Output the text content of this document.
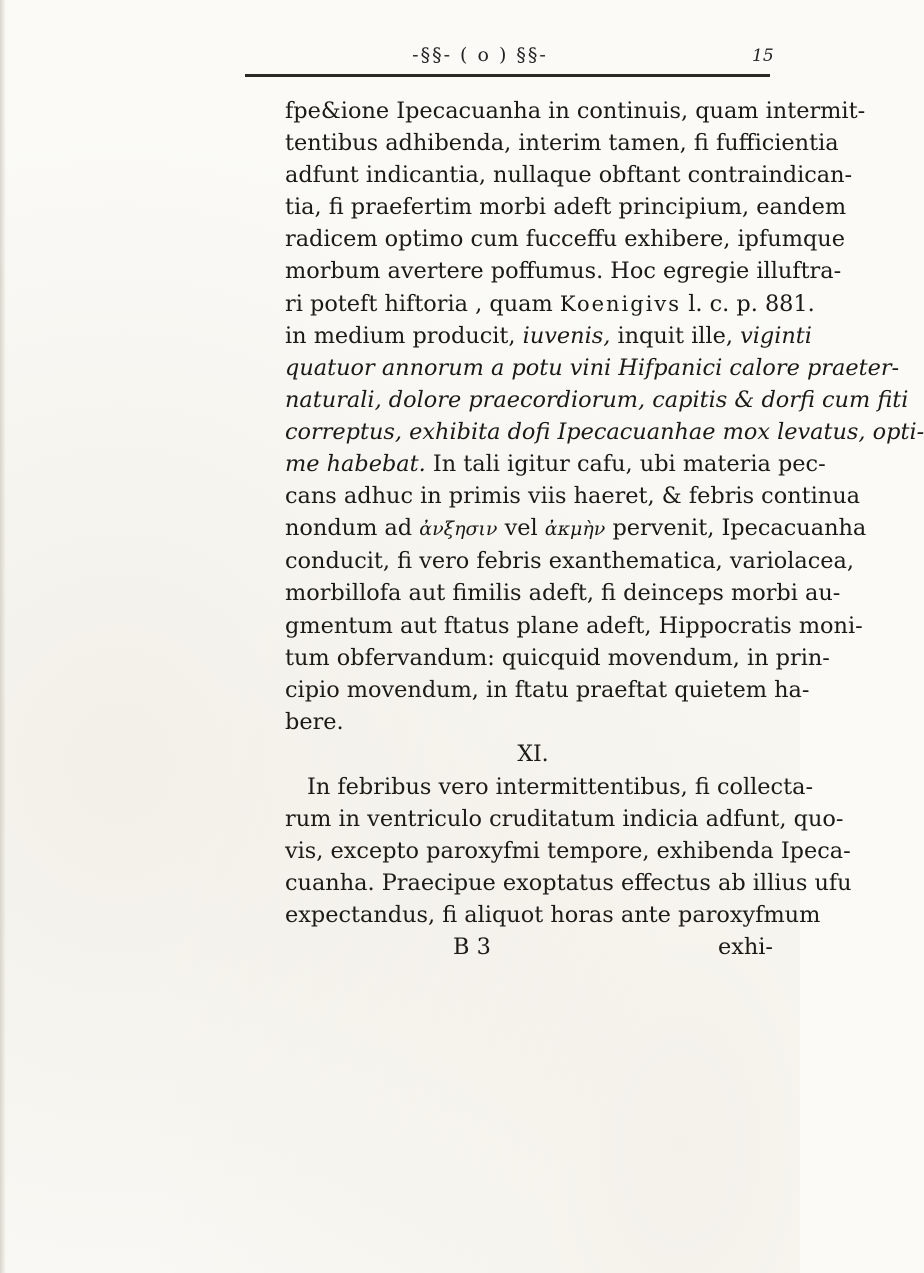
-§§- ( o ) §§-	15
fpe&ione Ipecacuanha in continuis, quam intermit-
tentibus adhibenda, interim tamen, fi fufficientia
adfunt indicantia, nullaque obftant contraindican-
tia, fi praefertim morbi adeft principium, eandem
radicem optimo cum fucceffu exhibere, ipfumque
morbum avertere poffumus. Hoc egregie illuftra-
ri poteft hiftoria , quam Koenigivs l. c. p. 881.
in medium producit, iuvenis, inquit ille, viginti
quatuor annorum a potu vini Hifpanici calore praeter-
naturali, dolore praecordiorum, capitis & dorfi cum fiti
correptus, exhibita dofi Ipecacuanhae mox levatus, opti-
me habebat. In tali igitur cafu, ubi materia pec-
cans adhuc in primis viis haeret, & febris continua
nondum ad ἀνξησιν vel ἀκμὴν pervenit, Ipecacuanha
conducit, fi vero febris exanthematica, variolacea,
morbillofa aut fimilis adeft, fi deinceps morbi au-
gmentum aut ftatus plane adeft, Hippocratis moni-
tum obfervandum: quicquid movendum, in prin-
cipio movendum, in ftatu praeftat quietem ha-
bere.
XI.
In febribus vero intermittentibus, fi collecta-
rum in ventriculo cruditatum indicia adfunt, quo-
vis, excepto paroxyfmi tempore, exhibenda Ipeca-
cuanha. Praecipue exoptatus effectus ab illius ufu
expectandus, fi aliquot horas ante paroxyfmum
B 3	exhi-
